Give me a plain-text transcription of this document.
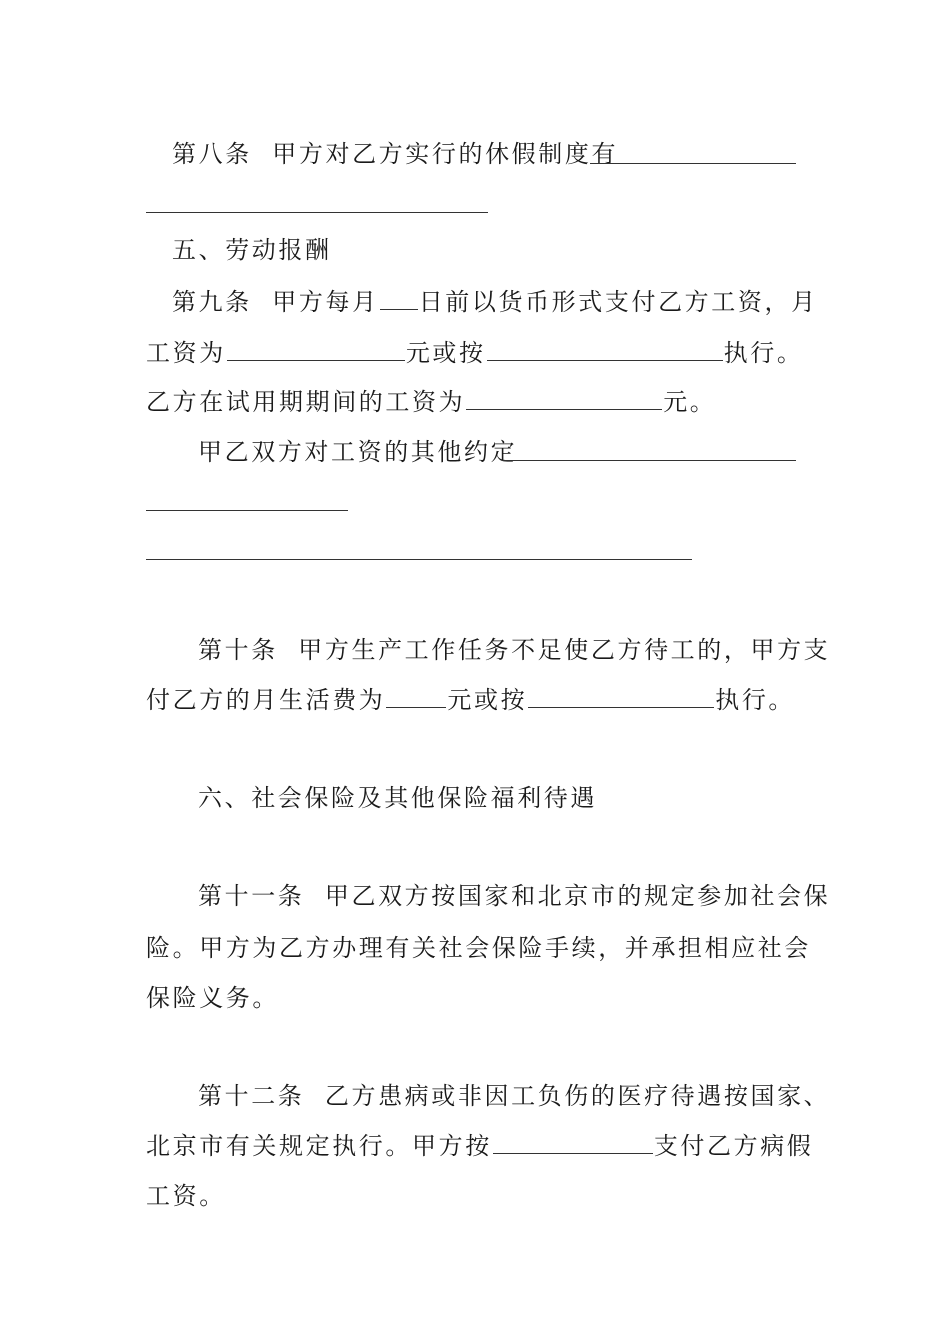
第八条 甲方对乙方实行的休假制度有
五、劳动报酬
第九条 甲方每月 日前以货币形式支付乙方工资，月
工资为	元或按	执行。
乙方在试用期期间的工资为	元。
甲乙双方对工资的其他约定
第十条 甲方生产工作任务不足使乙方待工的，甲方支
付乙方的月生活费为	元或按	执行。
六、社会保险及其他保险福利待遇
第十一条 甲乙双方按国家和北京市的规定参加社会保
险。甲方为乙方办理有关社会保险手续，并承担相应社会
保险义务。
第十二条 乙方患病或非因工负伤的医疗待遇按国家、
北京市有关规定执行。甲方按	支付乙方病假
工资。
